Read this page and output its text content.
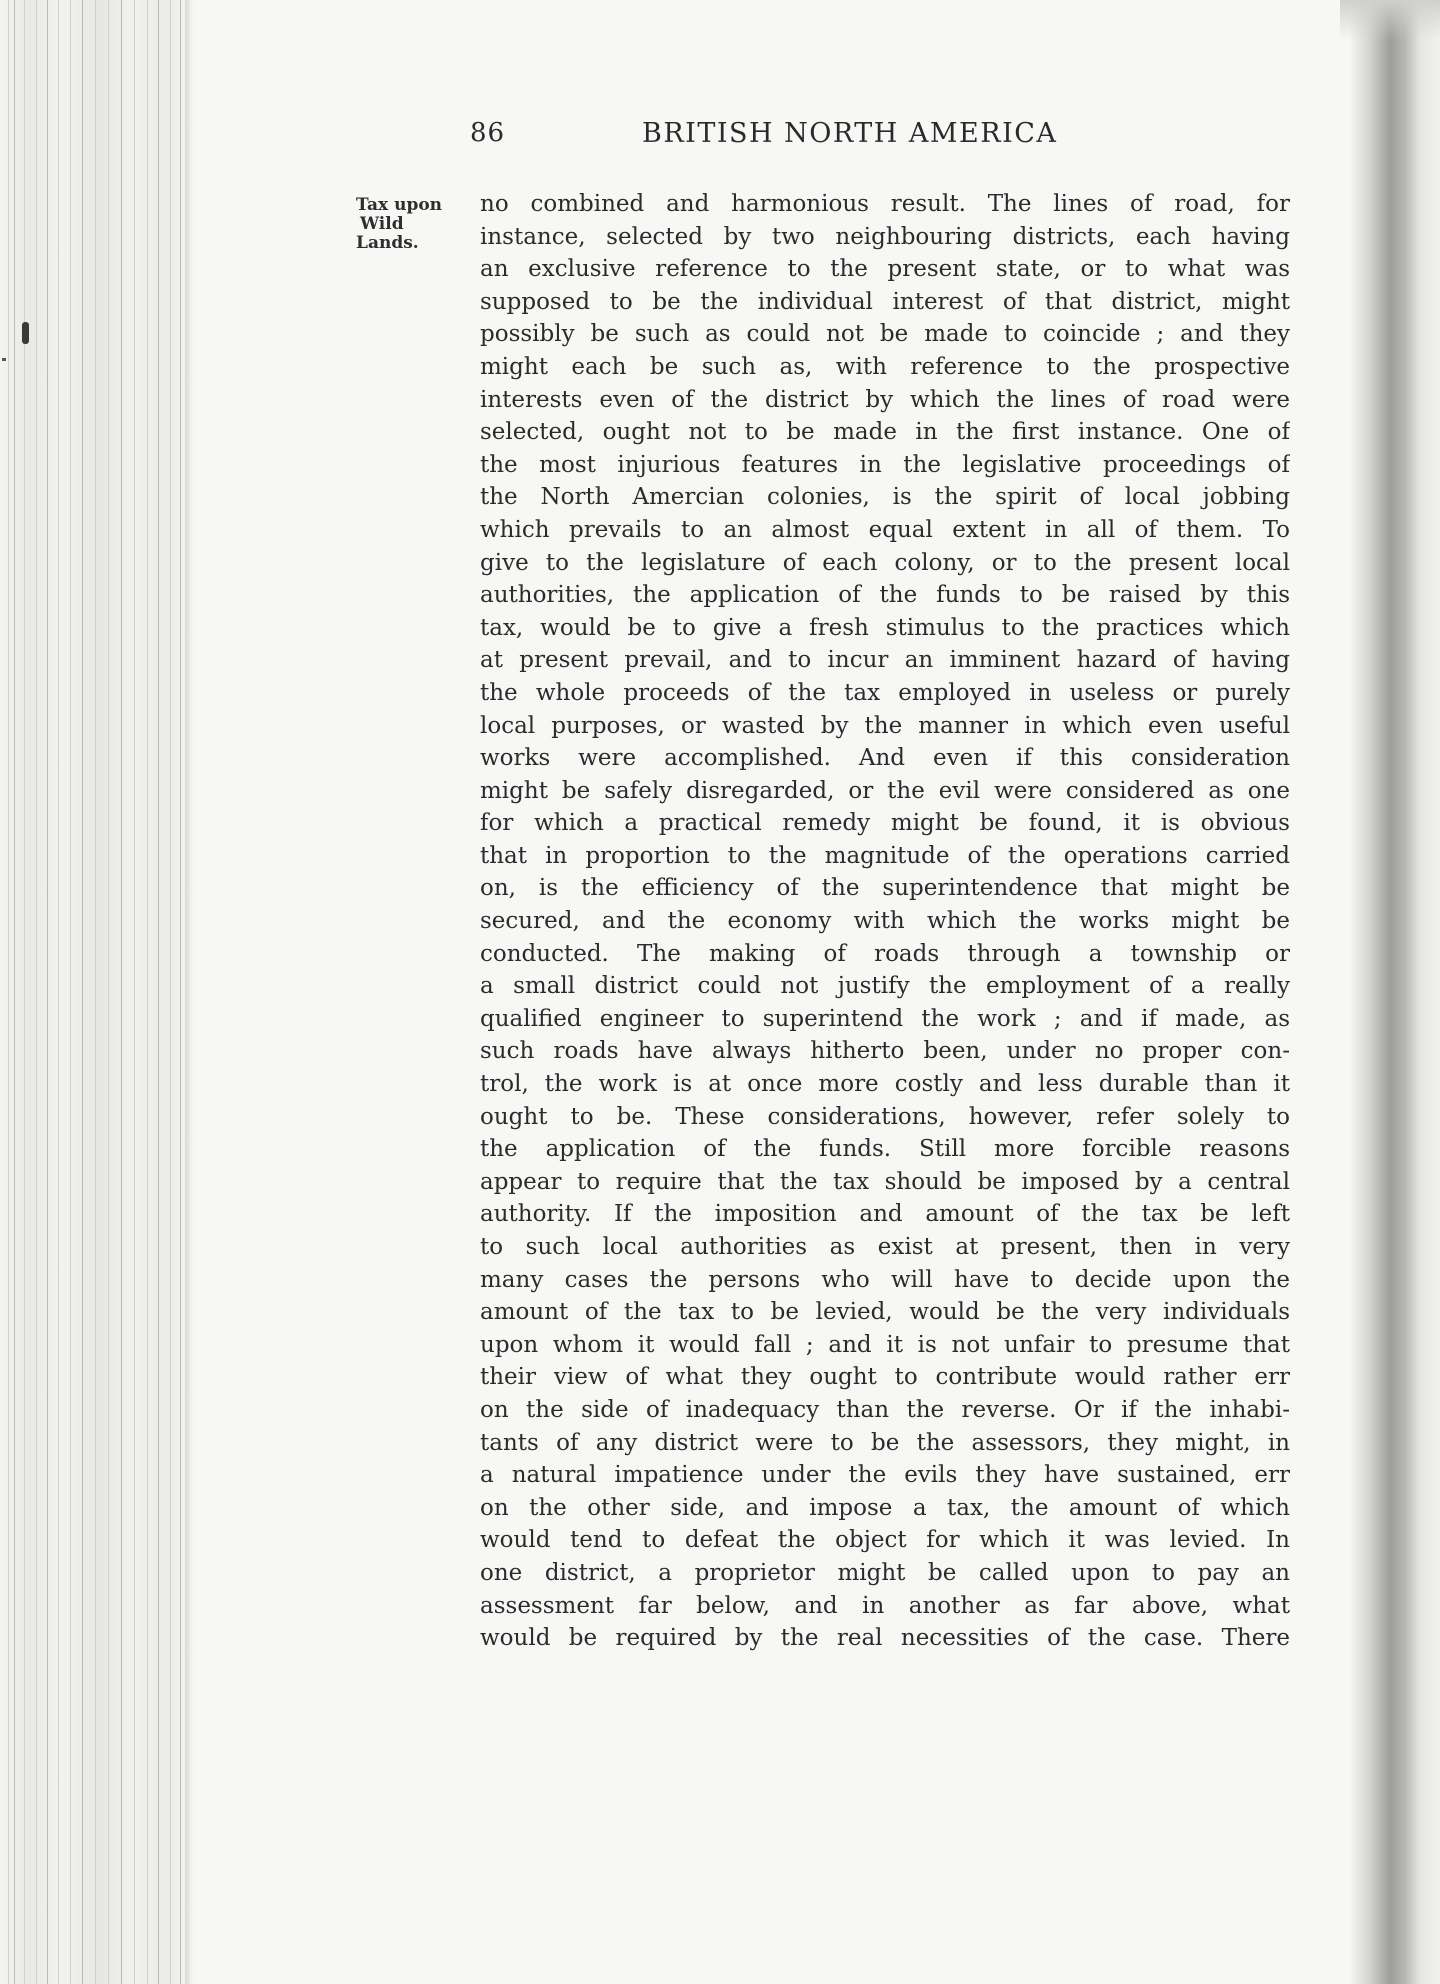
86	BRITISH NORTH AMERICA
Tax upon
Wild
Lands.
no combined and harmonious result. The lines of road, for
instance, selected by two neighbouring districts, each having
an exclusive reference to the present state, or to what was
supposed to be the individual interest of that district, might
possibly be such as could not be made to coincide ; and they
might each be such as, with reference to the prospective
interests even of the district by which the lines of road were
selected, ought not to be made in the first instance. One of
the most injurious features in the legislative proceedings of
the North Amercian colonies, is the spirit of local jobbing
which prevails to an almost equal extent in all of them. To
give to the legislature of each colony, or to the present local
authorities, the application of the funds to be raised by this
tax, would be to give a fresh stimulus to the practices which
at present prevail, and to incur an imminent hazard of having
the whole proceeds of the tax employed in useless or purely
local purposes, or wasted by the manner in which even useful
works were accomplished. And even if this consideration
might be safely disregarded, or the evil were considered as one
for which a practical remedy might be found, it is obvious
that in proportion to the magnitude of the operations carried
on, is the efficiency of the superintendence that might be
secured, and the economy with which the works might be
conducted. The making of roads through a township or
a small district could not justify the employment of a really
qualified engineer to superintend the work ; and if made, as
such roads have always hitherto been, under no proper con-
trol, the work is at once more costly and less durable than it
ought to be. These considerations, however, refer solely to
the application of the funds. Still more forcible reasons
appear to require that the tax should be imposed by a central
authority. If the imposition and amount of the tax be left
to such local authorities as exist at present, then in very
many cases the persons who will have to decide upon the
amount of the tax to be levied, would be the very individuals
upon whom it would fall ; and it is not unfair to presume that
their view of what they ought to contribute would rather err
on the side of inadequacy than the reverse. Or if the inhabi-
tants of any district were to be the assessors, they might, in
a natural impatience under the evils they have sustained, err
on the other side, and impose a tax, the amount of which
would tend to defeat the object for which it was levied. In
one district, a proprietor might be called upon to pay an
assessment far below, and in another as far above, what
would be required by the real necessities of the case. There
